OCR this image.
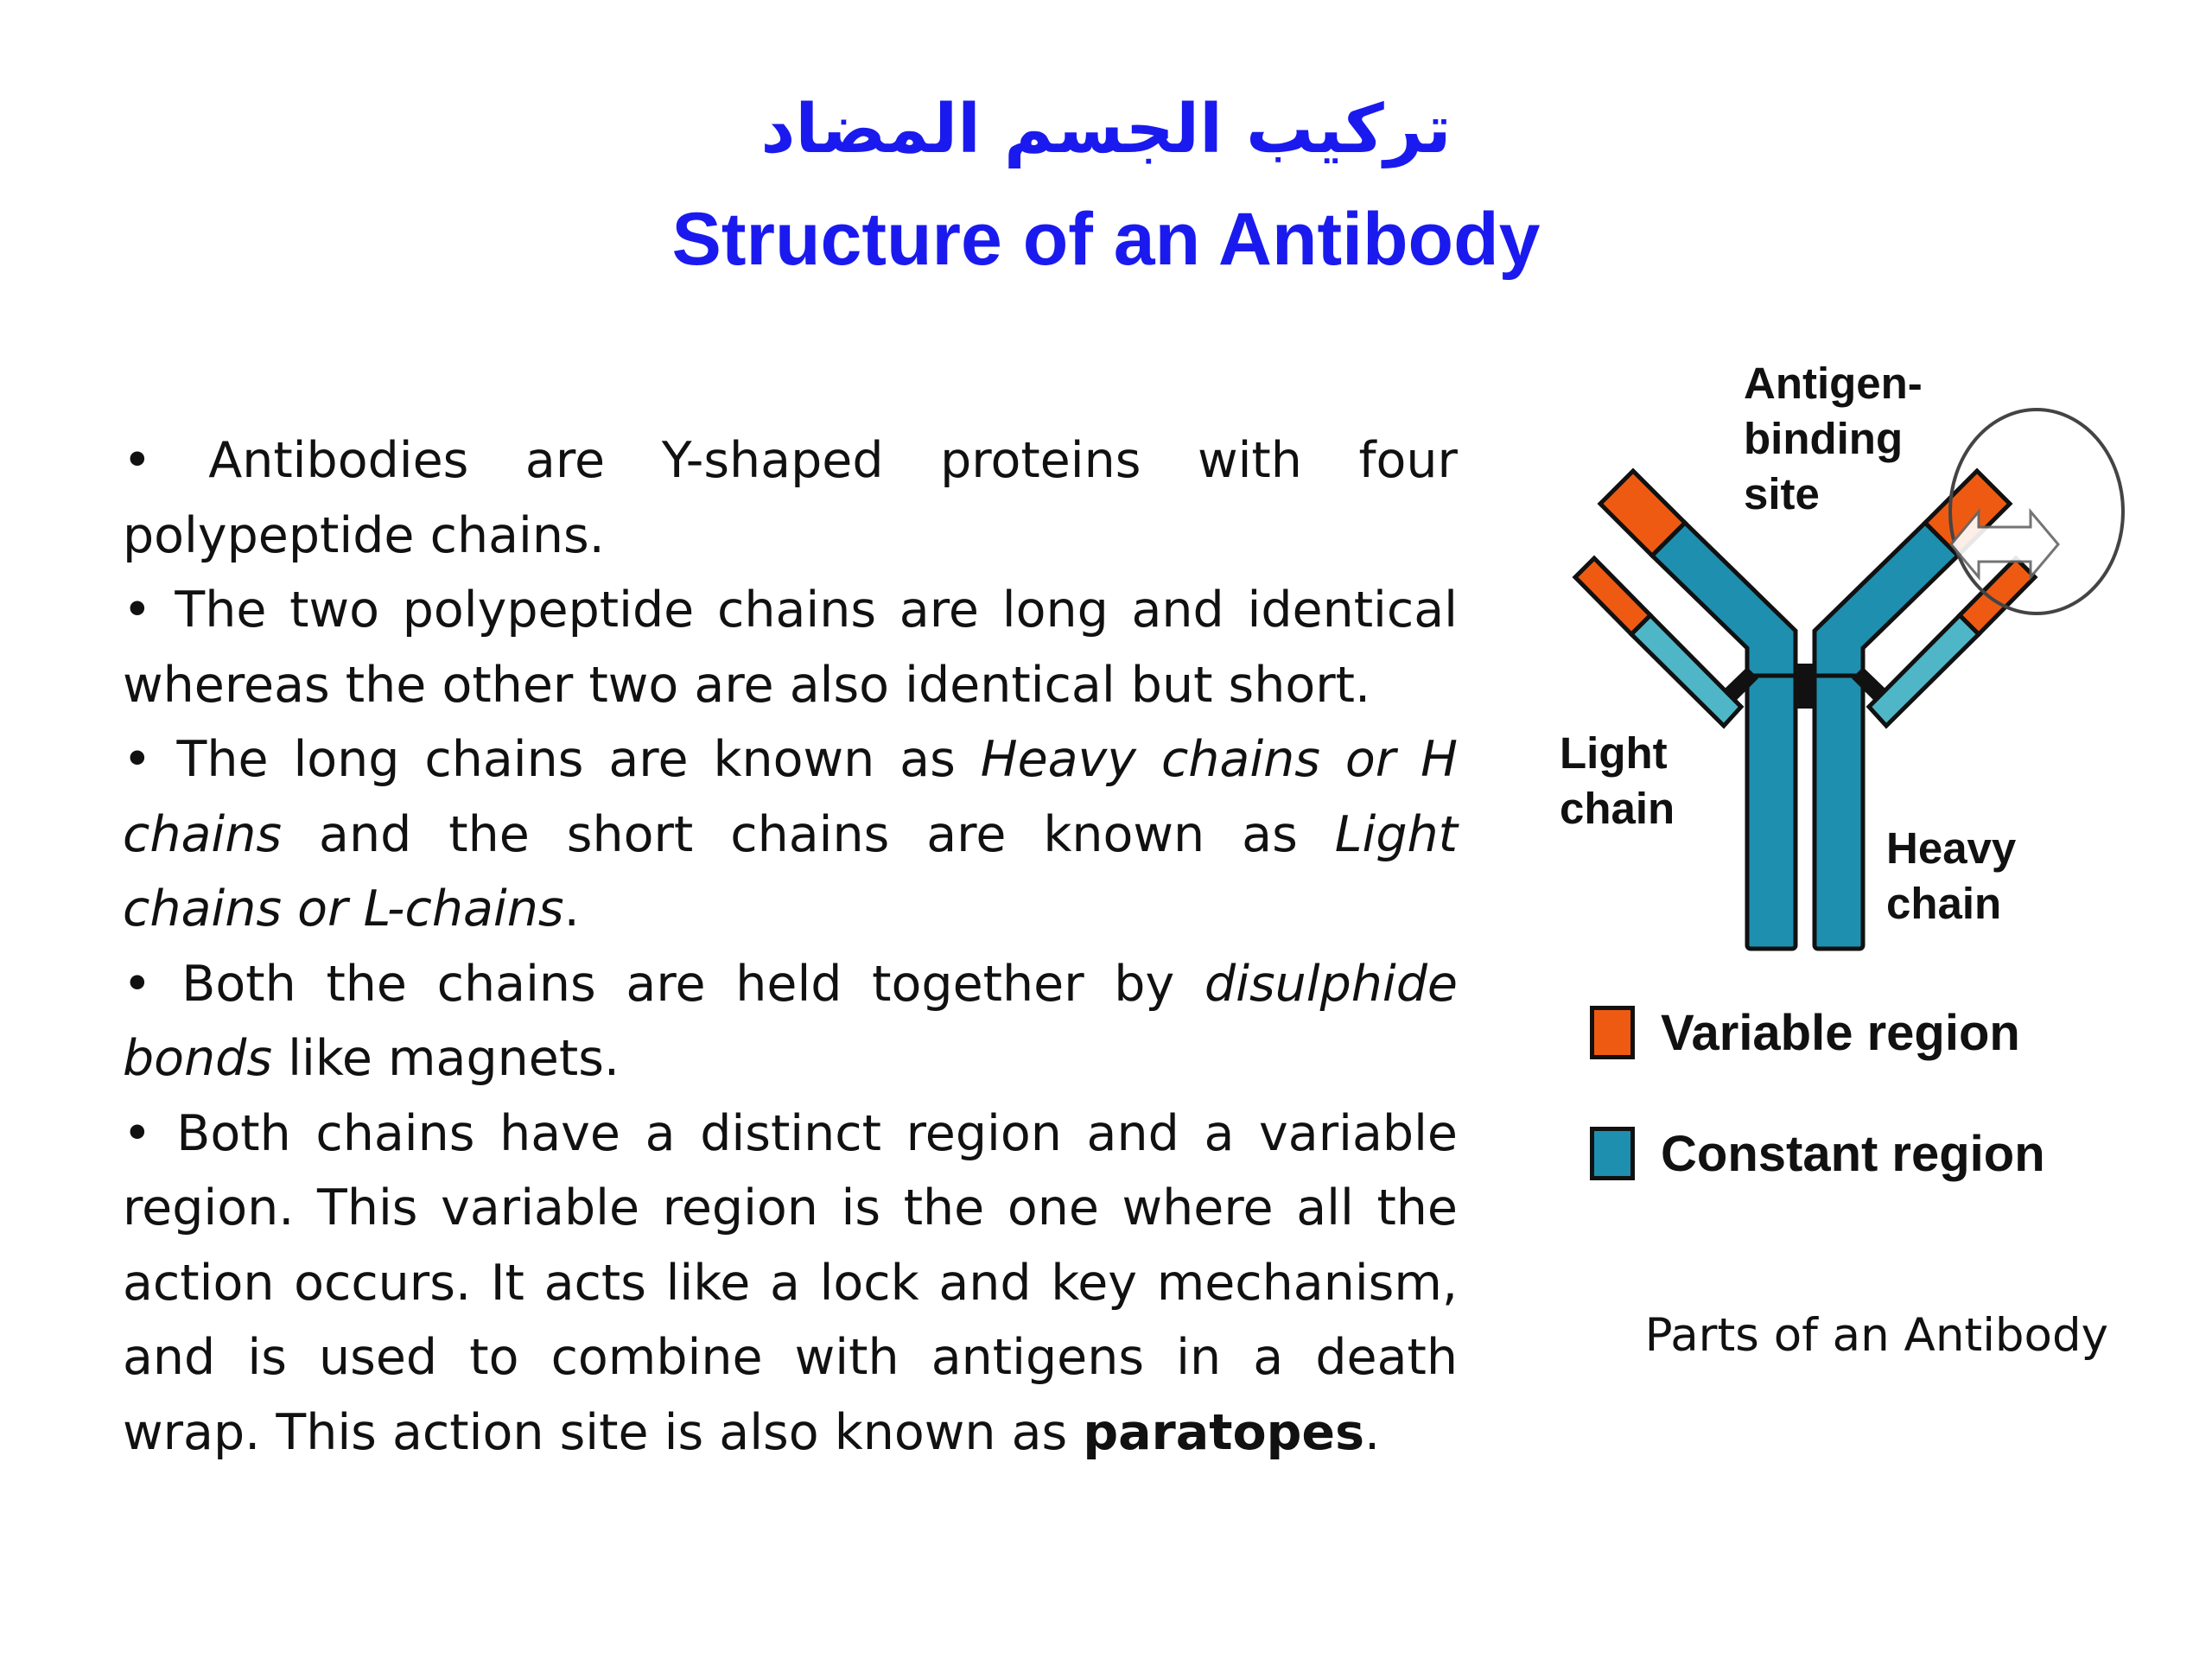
تركيب الجسم المضاد
Structure of an Antibody

• Antibodies are Y-shaped proteins with four polypeptide chains.

• The two polypeptide chains are long and identical whereas the other two are also identical but short.

• The long chains are known as Heavy chains or H chains and the short chains are known as Light chains or L-chains.

• Both the chains are held together by disulphide bonds like magnets.

• Both chains have a distinct region and a variable region. This variable region is the one where all the action occurs. It acts like a lock and key mechanism, and is used to combine with antigens in a death wrap. This action site is also known as paratopes.

Antigen-
binding
site
Light
chain
Heavy
chain
Variable region
Constant region
Parts of an Antibody
